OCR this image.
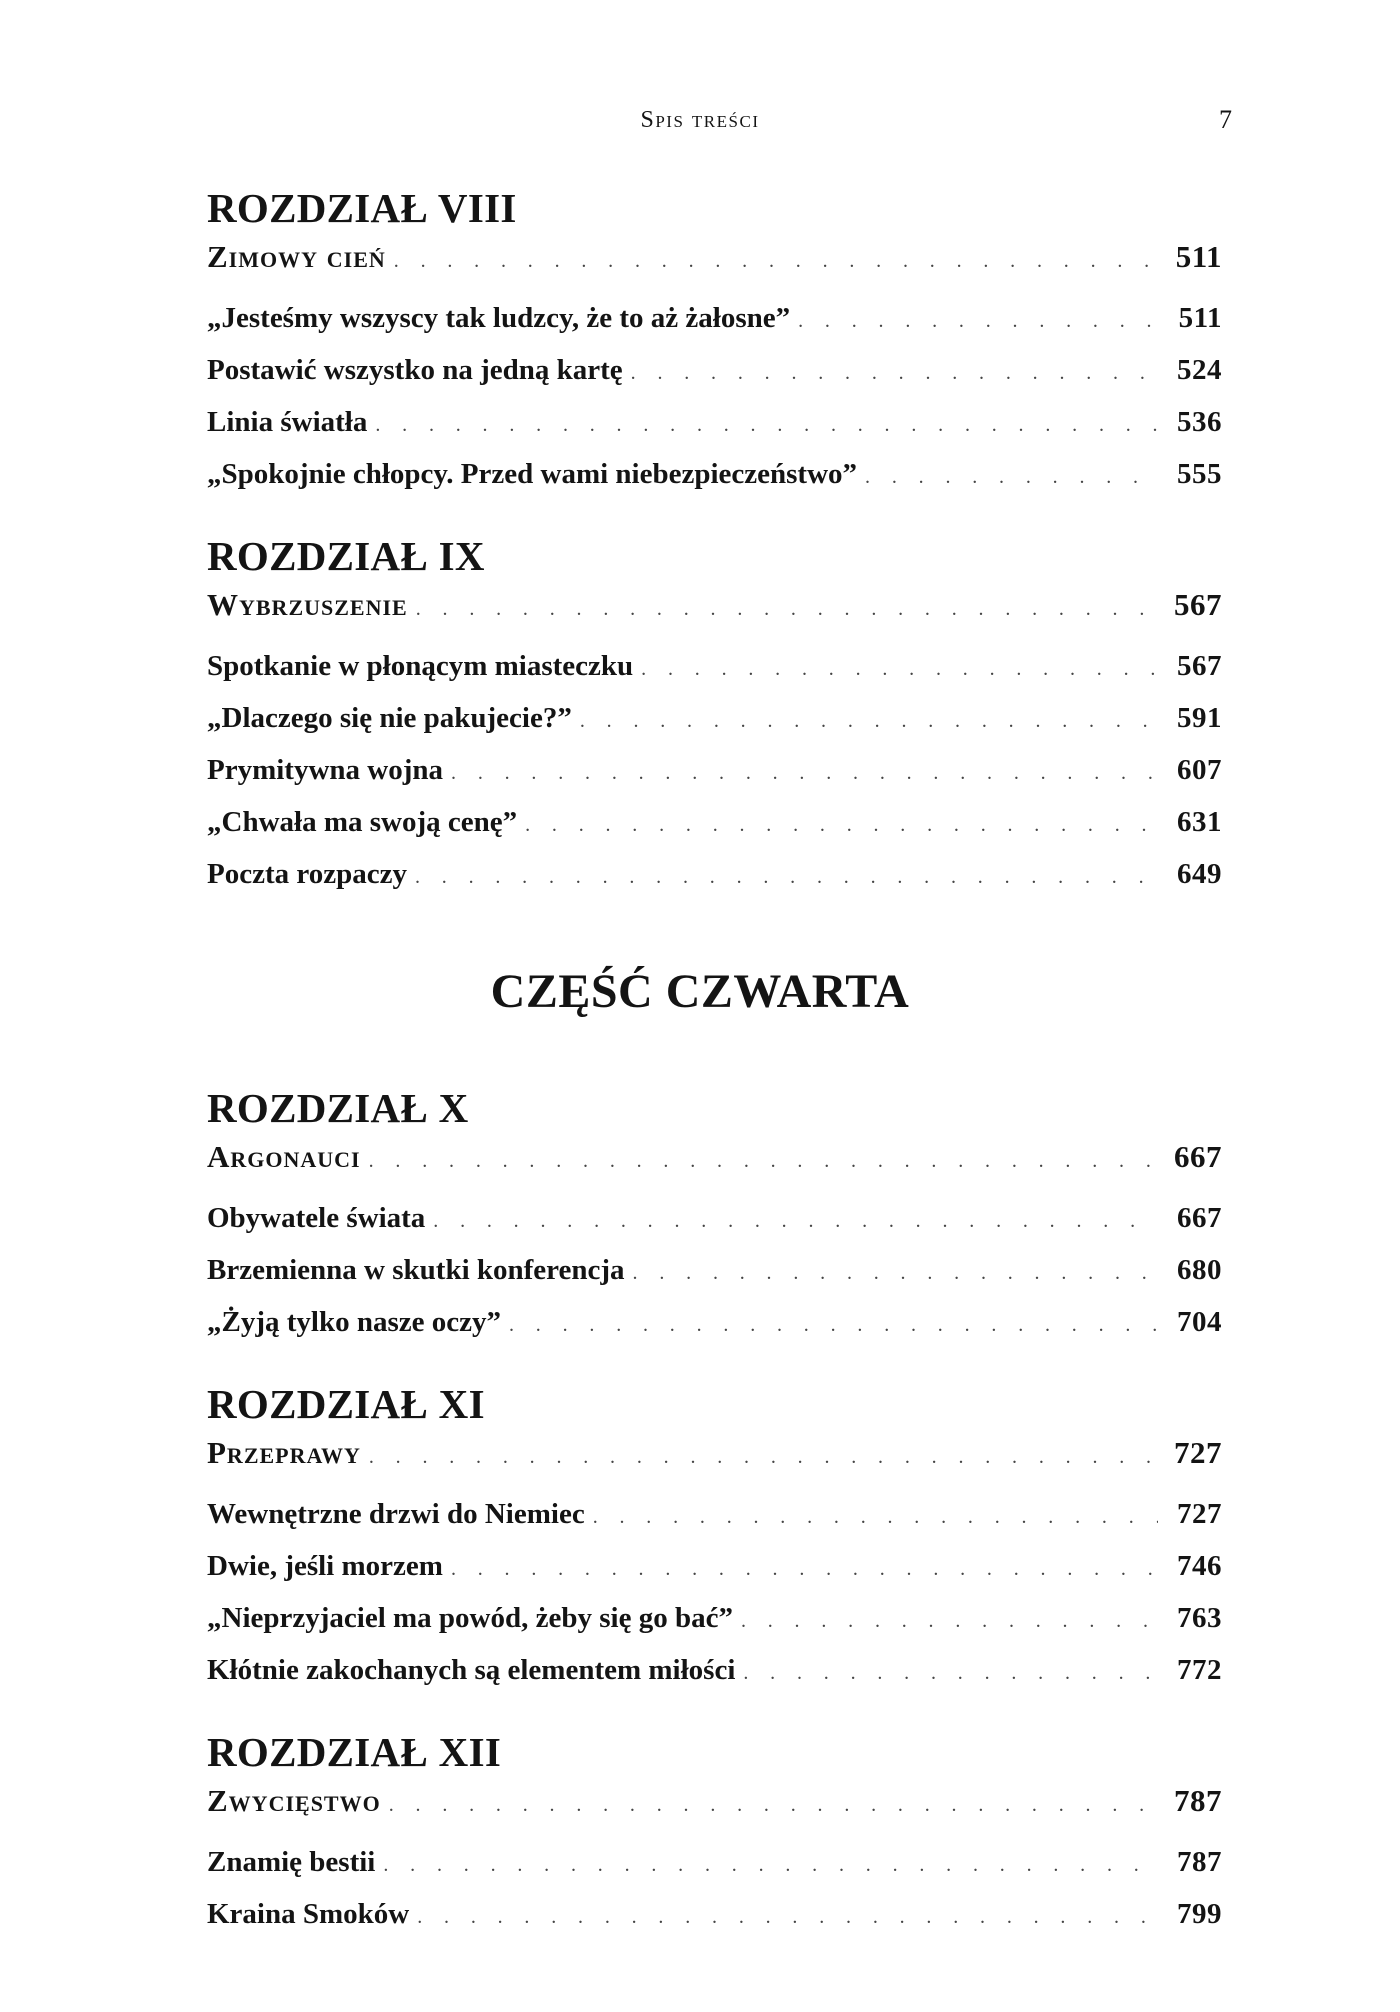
Spis treści	7
ROZDZIAŁ VIII
Zimowy cień . . .	511
„Jesteśmy wszyscy tak ludzcy, że to aż żałosne” . . .	511
Postawić wszystko na jedną kartę . . .	524
Linia światła . . .	536
„Spokojnie chłopcy. Przed wami niebezpieczeństwo” . . .	555
ROZDZIAŁ IX
Wybrzuszenie . . .	567
Spotkanie w płonącym miasteczku . . .	567
„Dlaczego się nie pakujecie?” . . .	591
Prymitywna wojna . . .	607
„Chwała ma swoją cenę” . . .	631
Poczta rozpaczy . . .	649
CZĘŚĆ CZWARTA
ROZDZIAŁ X
Argonauci . . .	667
Obywatele świata . . .	667
Brzemienna w skutki konferencja . . .	680
„Żyją tylko nasze oczy” . . .	704
ROZDZIAŁ XI
Przeprawy . . .	727
Wewnętrzne drzwi do Niemiec . . .	727
Dwie, jeśli morzem . . .	746
„Nieprzyjaciel ma powód, żeby się go bać” . . .	763
Kłótnie zakochanych są elementem miłości . . .	772
ROZDZIAŁ XII
Zwycięstwo . . .	787
Znamię bestii . . .	787
Kraina Smoków . . .	799
